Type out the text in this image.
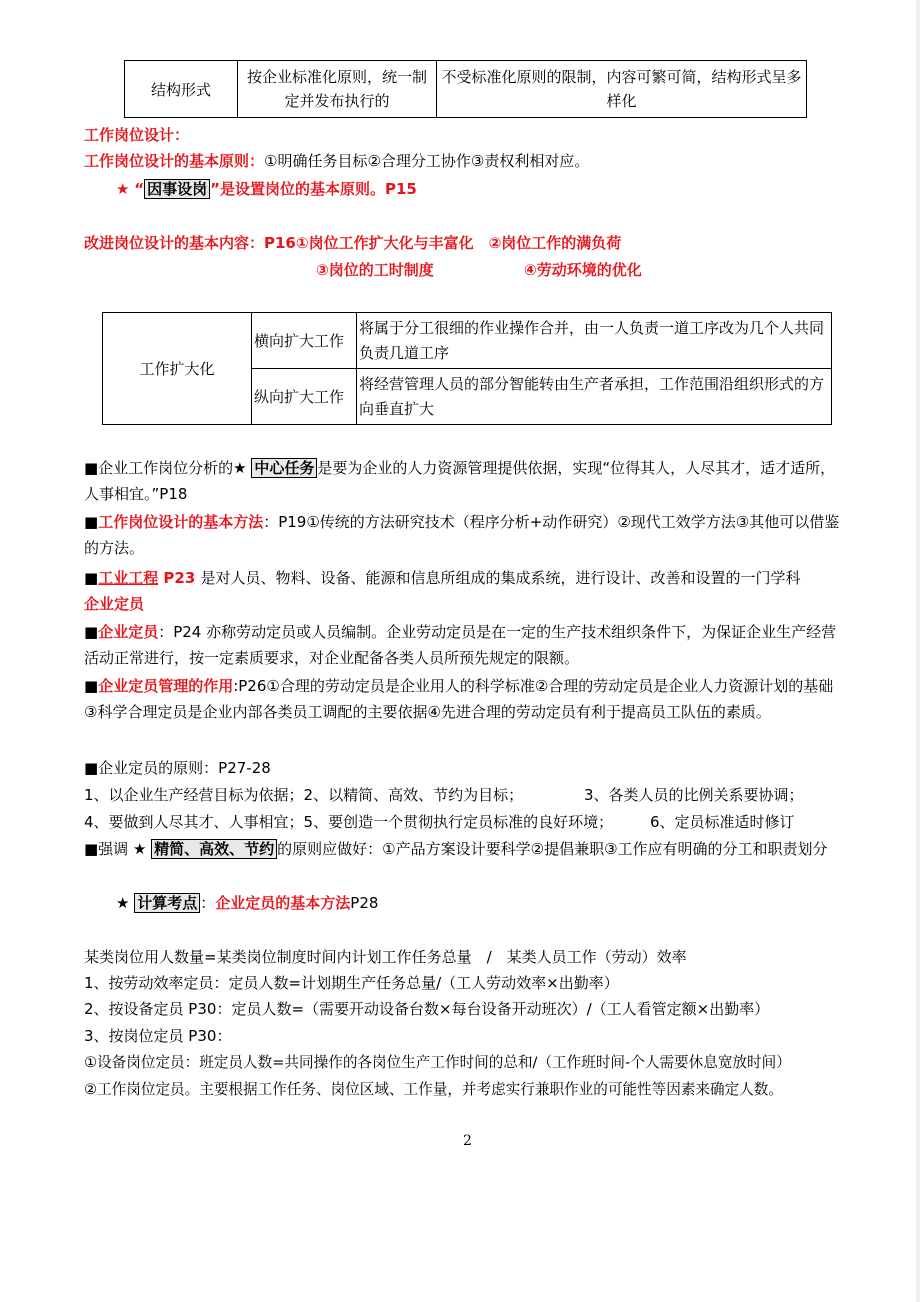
结构形式	按企业标准化原则，统一制定并发布执行的	不受标准化原则的限制，内容可繁可简，结构形式呈多样化
工作岗位设计：
工作岗位设计的基本原则：①明确任务目标②合理分工协作③责权利相对应。
★ “ 因事设岗 ”是设置岗位的基本原则。P15
改进岗位设计的基本内容：P16①岗位工作扩大化与丰富化　②岗位工作的满负荷
③岗位的工时制度	④劳动环境的优化
工作扩大化	横向扩大工作	将属于分工很细的作业操作合并，由一人负责一道工序改为几个人共同负责几道工序
	纵向扩大工作	将经营管理人员的部分智能转由生产者承担，工作范围沿组织形式的方向垂直扩大
■企业工作岗位分析的★ 中心任务 是要为企业的人力资源管理提供依据，实现“位得其人，人尽其才，适才适所，人事相宜。”P18
■工作岗位设计的基本方法：P19①传统的方法研究技术（程序分析+动作研究）②现代工效学方法③其他可以借鉴的方法。
■工业工程 P23 是对人员、物料、设备、能源和信息所组成的集成系统，进行设计、改善和设置的一门学科
企业定员
■企业定员：P24 亦称劳动定员或人员编制。企业劳动定员是在一定的生产技术组织条件下，为保证企业生产经营活动正常进行，按一定素质要求，对企业配备各类人员所预先规定的限额。
■企业定员管理的作用:P26①合理的劳动定员是企业用人的科学标准②合理的劳动定员是企业人力资源计划的基础③科学合理定员是企业内部各类员工调配的主要依据④先进合理的劳动定员有利于提高员工队伍的素质。
■企业定员的原则：P27-28
1、以企业生产经营目标为依据；2、以精简、高效、节约为目标；	3、各类人员的比例关系要协调；
4、要做到人尽其才、人事相宜；5、要创造一个贯彻执行定员标准的良好环境； 6、定员标准适时修订
■强调 ★ 精简、高效、节约 的原则应做好：①产品方案设计要科学②提倡兼职③工作应有明确的分工和职责划分
★ 计算考点 ：企业定员的基本方法P28
某类岗位用人数量=某类岗位制度时间内计划工作任务总量　/　某类人员工作（劳动）效率
1、按劳动效率定员：定员人数=计划期生产任务总量/（工人劳动效率×出勤率）
2、按设备定员 P30：定员人数=（需要开动设备台数×每台设备开动班次）/（工人看管定额×出勤率）
3、按岗位定员 P30：
①设备岗位定员：班定员人数=共同操作的各岗位生产工作时间的总和/（工作班时间-个人需要休息宽放时间）
②工作岗位定员。主要根据工作任务、岗位区域、工作量，并考虑实行兼职作业的可能性等因素来确定人数。
2
